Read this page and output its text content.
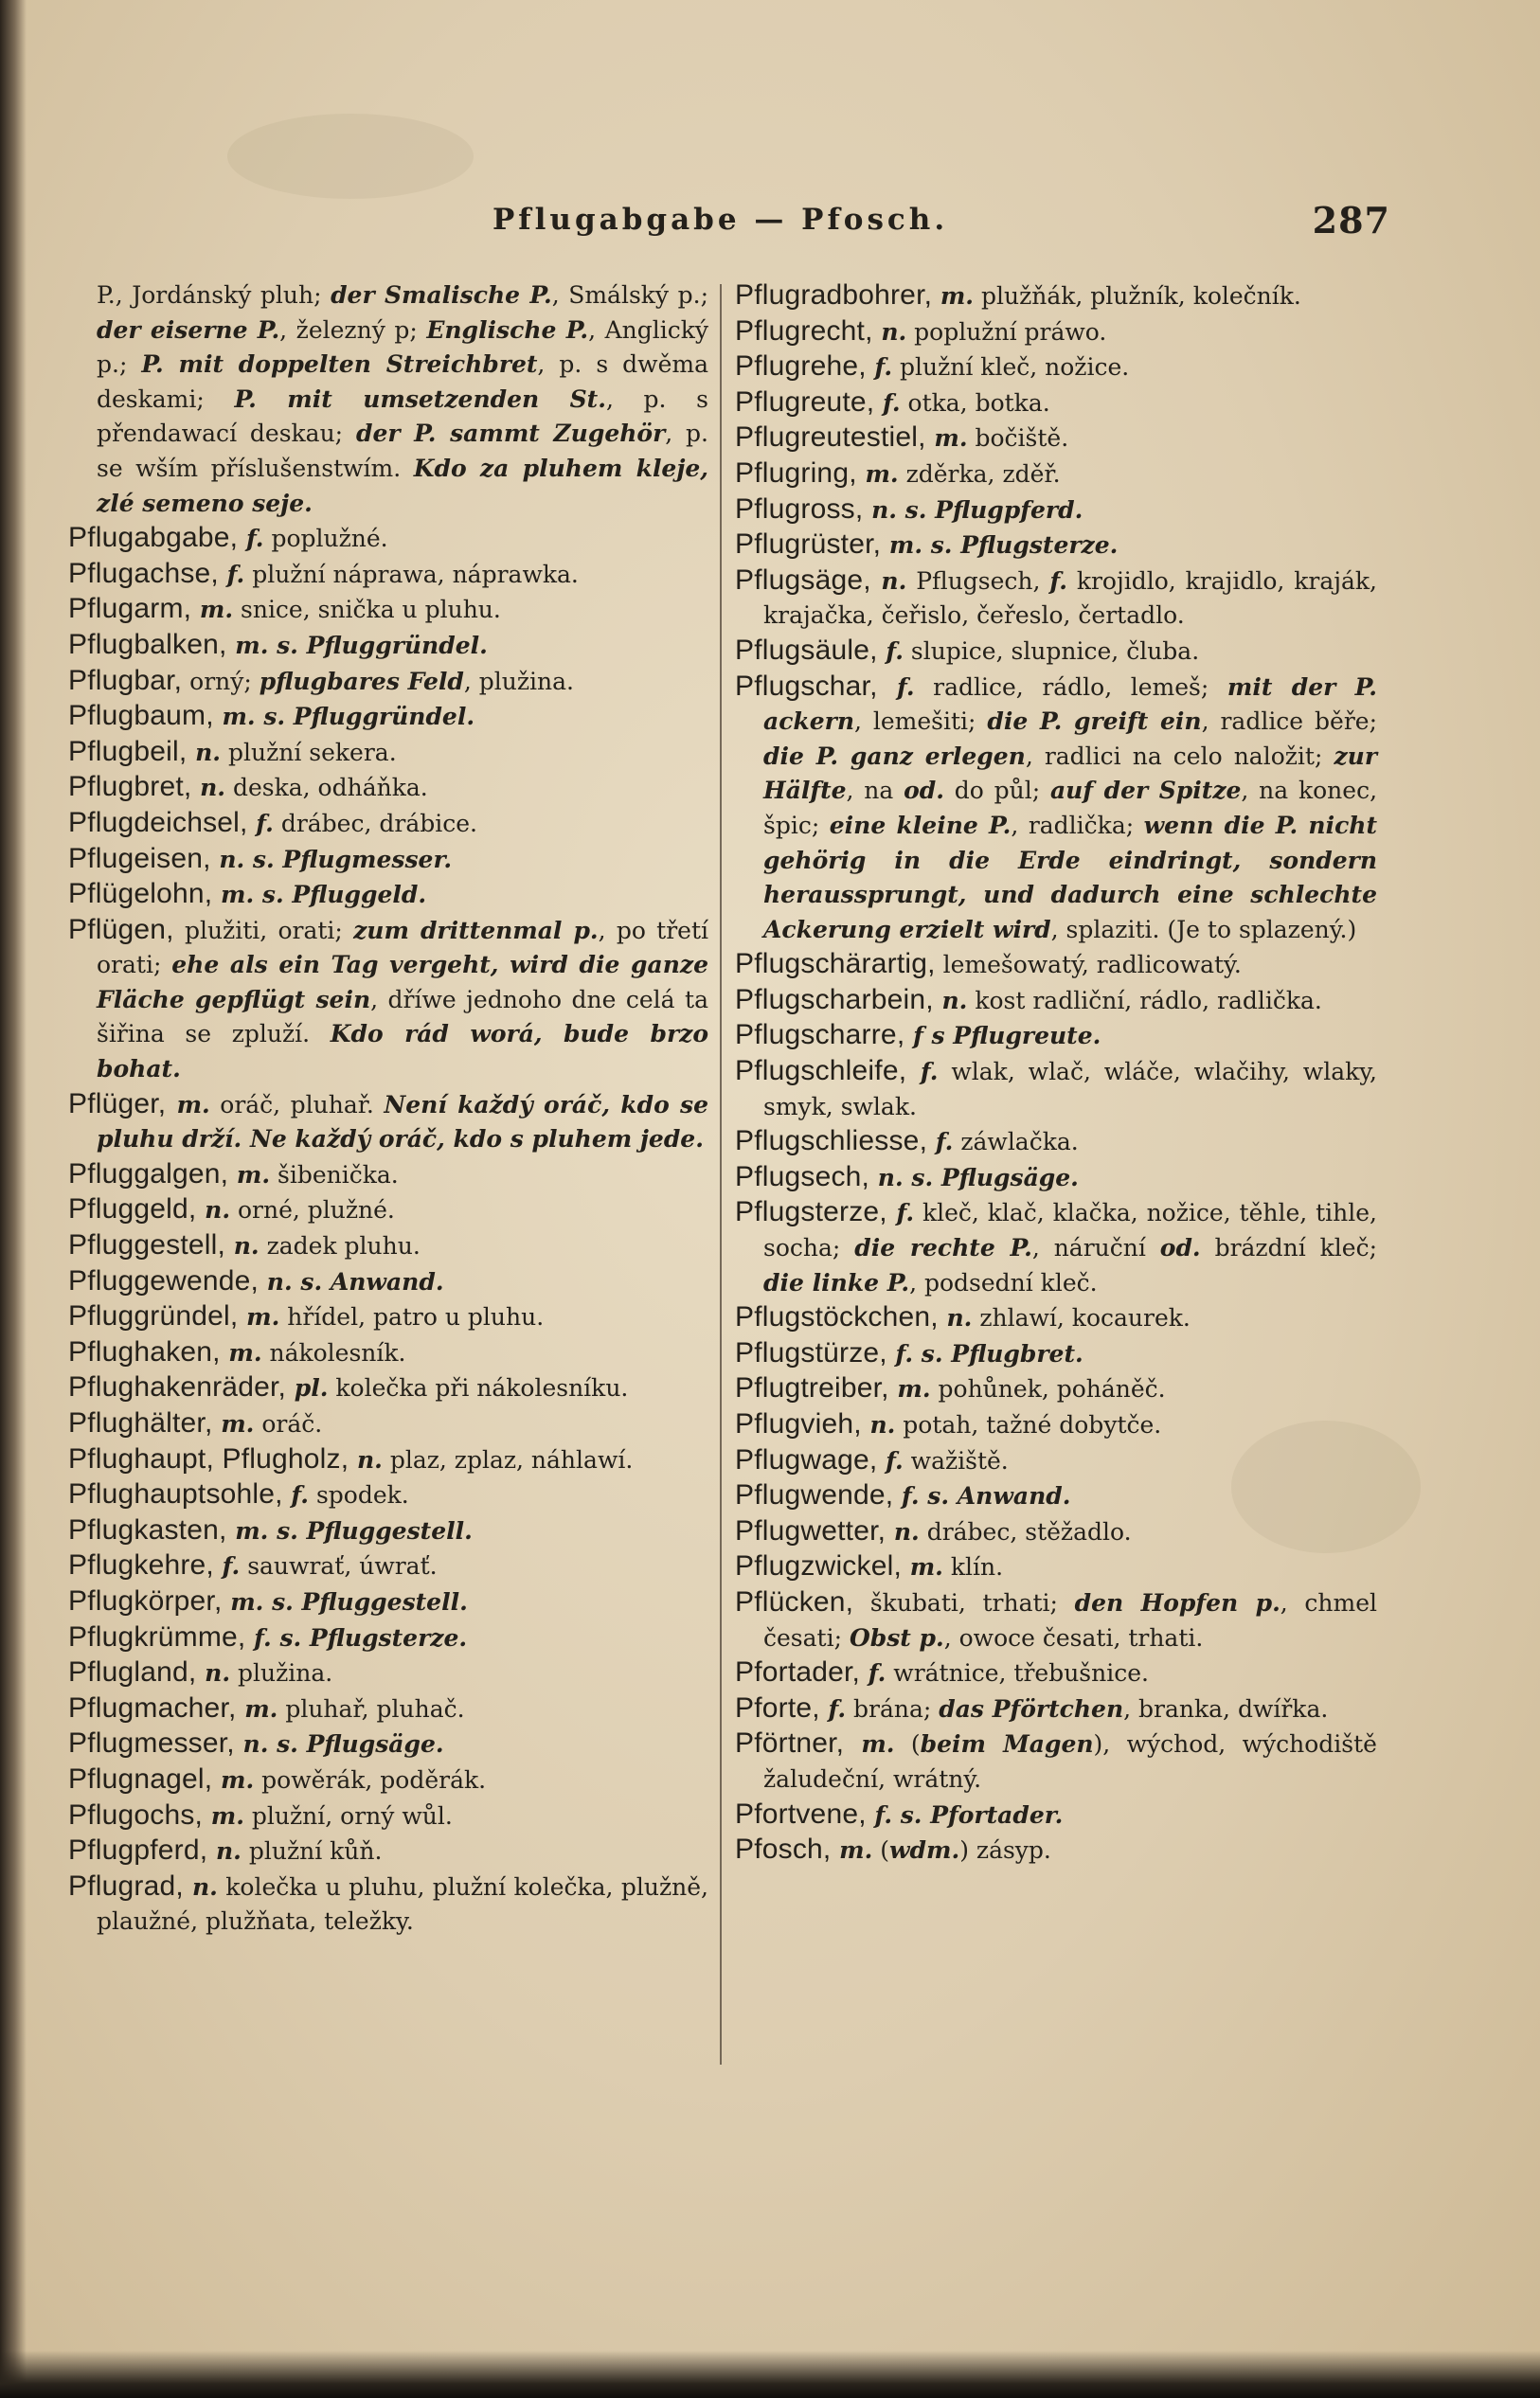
Pflugabgabe — Pfosch.	287

P., Jordánský pluh; der Smalische P., Smálský p.; der eiserne P., železný p; Englische P., Anglický p.; P. mit doppelten Streichbret, p. s dwěma deskami; P. mit umsetzenden St., p. s přendawací deskau; der P. sammt Zugehör, p. se wším příslušenstwím. Kdo za pluhem kleje, zlé semeno seje.

Pflugabgabe, f. poplužné.

Pflugachse, f. plužní náprawa, náprawka.

Pflugarm, m. snice, snička u pluhu.

Pflugbalken, m. s. Pfluggründel.

Pflugbar, orný; pflugbares Feld, plužina.

Pflugbaum, m. s. Pfluggründel.

Pflugbeil, n. plužní sekera.

Pflugbret, n. deska, odháňka.

Pflugdeichsel, f. drábec, drábice.

Pflugeisen, n. s. Pflugmesser.

Pflügelohn, m. s. Pfluggeld.

Pflügen, plužiti, orati; zum drittenmal p., po třetí orati; ehe als ein Tag vergeht, wird die ganze Fläche gepflügt sein, dříwe jednoho dne celá ta šiřina se zpluží. Kdo rád worá, bude brzo bohat.

Pflüger, m. oráč, pluhař. Není každý oráč, kdo se pluhu drží. Ne každý oráč, kdo s pluhem jede.

Pfluggalgen, m. šibenička.

Pfluggeld, n. orné, plužné.

Pfluggestell, n. zadek pluhu.

Pfluggewende, n. s. Anwand.

Pfluggründel, m. hřídel, patro u pluhu.

Pflughaken, m. nákolesník.

Pflughakenräder, pl. kolečka při nákolesníku.

Pflughälter, m. oráč.

Pflughaupt, Pflugholz, n. plaz, zplaz, náhlawí.

Pflughauptsohle, f. spodek.

Pflugkasten, m. s. Pfluggestell.

Pflugkehre, f. sauwrať, úwrať.

Pflugkörper, m. s. Pfluggestell.

Pflugkrümme, f. s. Pflugsterze.

Pflugland, n. plužina.

Pflugmacher, m. pluhař, pluhač.

Pflugmesser, n. s. Pflugsäge.

Pflugnagel, m. powěrák, poděrák.

Pflugochs, m. plužní, orný wůl.

Pflugpferd, n. plužní kůň.

Pflugrad, n. kolečka u pluhu, plužní kolečka, plužně, plaužné, plužňata, teležky.

Pflugradbohrer, m. plužňák, plužník, kolečník.

Pflugrecht, n. poplužní práwo.

Pflugrehe, f. plužní kleč, nožice.

Pflugreute, f. otka, botka.

Pflugreutestiel, m. bočiště.

Pflugring, m. zděrka, zděř.

Pflugross, n. s. Pflugpferd.

Pflugrüster, m. s. Pflugsterze.

Pflugsäge, n. Pflugsech, f. krojidlo, krajidlo, kraják, krajačka, čeřislo, čeřeslo, čertadlo.

Pflugsäule, f. slupice, slupnice, čluba.

Pflugschar, f. radlice, rádlo, lemeš; mit der P. ackern, lemešiti; die P. greift ein, radlice běře; die P. ganz erlegen, radlici na celo naložit; zur Hälfte, na od. do půl; auf der Spitze, na konec, špic; eine kleine P., radlička; wenn die P. nicht gehörig in die Erde eindringt, sondern heraussprungt, und dadurch eine schlechte Ackerung erzielt wird, splaziti. (Je to splazený.)

Pflugschärartig, lemešowatý, radlicowatý.

Pflugscharbein, n. kost radliční, rádlo, radlička.

Pflugscharre, f s Pflugreute.

Pflugschleife, f. wlak, wlač, wláče, wlačihy, wlaky, smyk, swlak.

Pflugschliesse, f. záwlačka.

Pflugsech, n. s. Pflugsäge.

Pflugsterze, f. kleč, klač, klačka, nožice, těhle, tihle, socha; die rechte P., náruční od. brázdní kleč; die linke P., podsední kleč.

Pflugstöckchen, n. zhlawí, kocaurek.

Pflugstürze, f. s. Pflugbret.

Pflugtreiber, m. pohůnek, poháněč.

Pflugvieh, n. potah, tažné dobytče.

Pflugwage, f. wažiště.

Pflugwende, f. s. Anwand.

Pflugwetter, n. drábec, stěžadlo.

Pflugzwickel, m. klín.

Pflücken, škubati, trhati; den Hopfen p., chmel česati; Obst p., owoce česati, trhati.

Pfortader, f. wrátnice, třebušnice.

Pforte, f. brána; das Pförtchen, branka, dwířka.

Pförtner, m. (beim Magen), wýchod, wýchodiště žaludeční, wrátný.

Pfortvene, f. s. Pfortader.

Pfosch, m. (wdm.) zásyp.
